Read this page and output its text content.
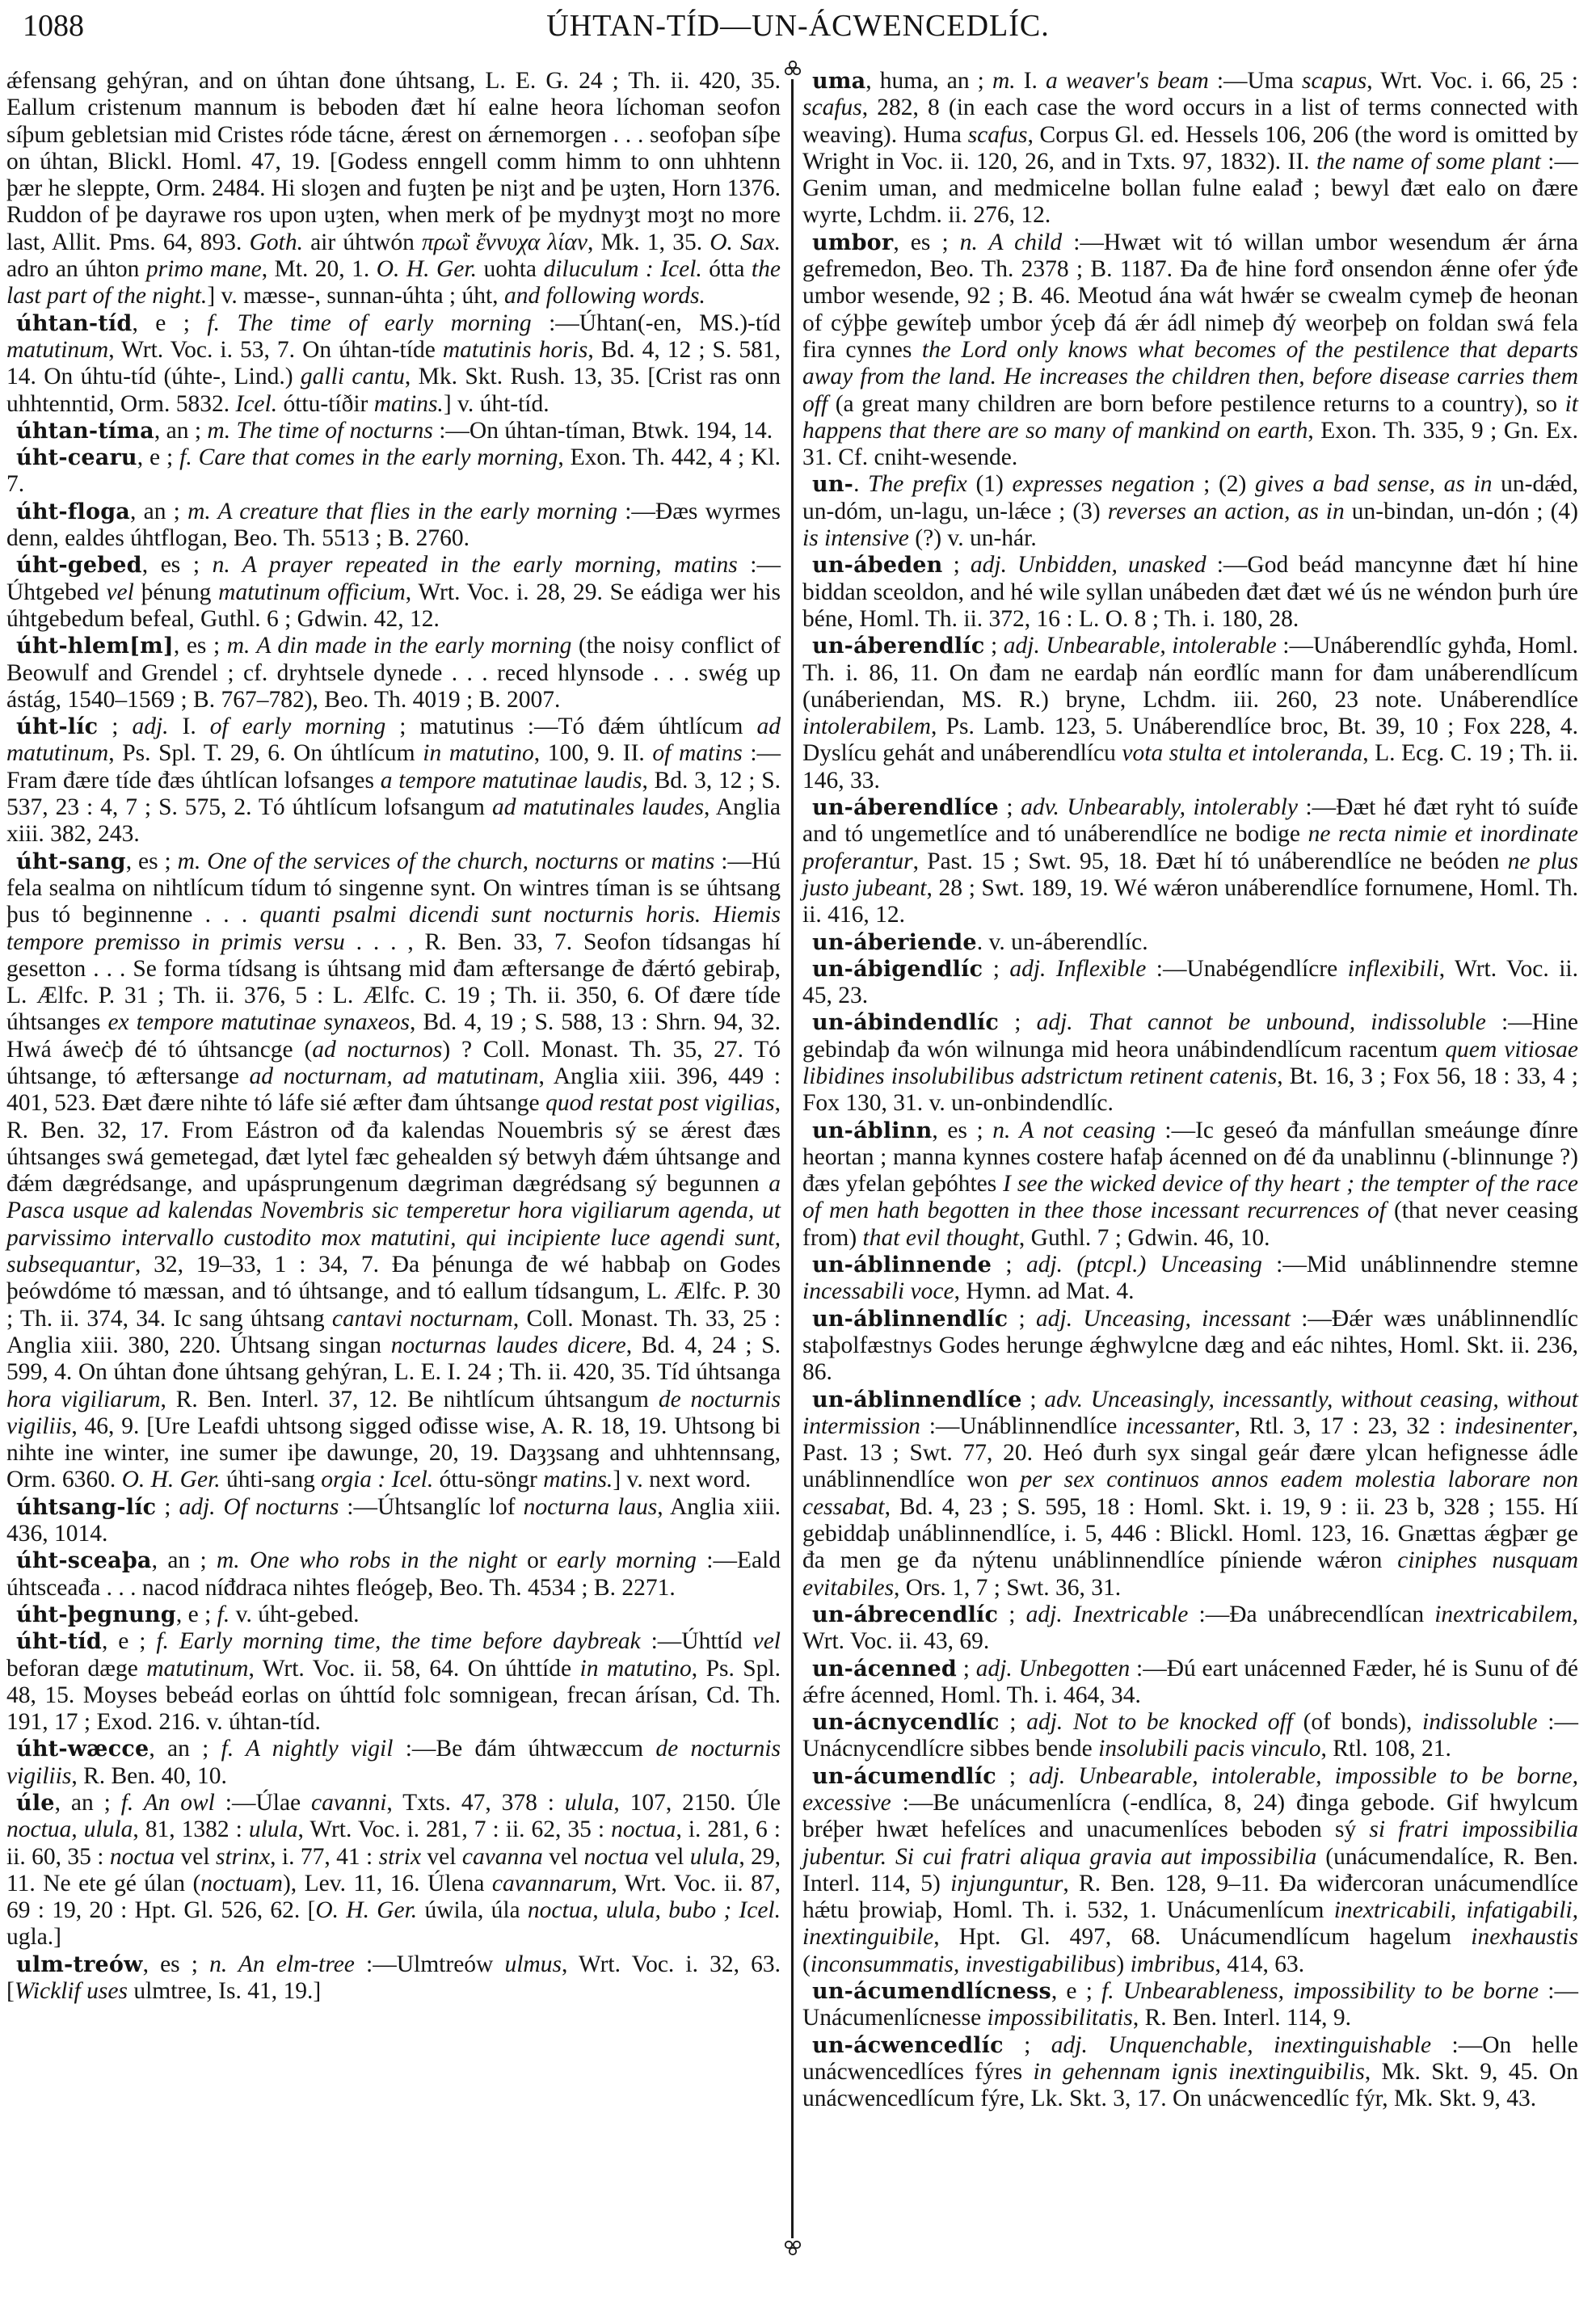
1088	ÚHTAN-TÍD—UN-ÁCWENCEDLÍC.

ǽfensang gehýran, and on úhtan đone úhtsang, L. E. G. 24 ; Th. ii. 420, 35. Eallum cristenum mannum is beboden đæt hí ealne heora líchoman seofon síþum gebletsian mid Cristes róde tácne, ǽrest on ǽrnemorgen . . . seofoþan síþe on úhtan, Blickl. Homl. 47, 19. [Godess enngell comm himm to onn uhhtenn þær he sleppte, Orm. 2484. Hi sloȝen and fuȝten þe niȝt and þe uȝten, Horn 1376. Ruddon of þe dayrawe ros upon uȝten, when merk of þe mydnyȝt moȝt no more last, Allit. Pms. 64, 893. Goth. air úhtwón πρωῒ ἔννυχα λίαν, Mk. 1, 35. O. Sax. adro an úhton primo mane, Mt. 20, 1. O. H. Ger. uohta diluculum : Icel. ótta the last part of the night.] v. mæsse-, sunnan-úhta ; úht, and following words.

úhtan-tíd, e ; f. The time of early morning :—Úhtan(-en, MS.)-tíd matutinum, Wrt. Voc. i. 53, 7. On úhtan-tíde matutinis horis, Bd. 4, 12 ; S. 581, 14. On úhtu-tíd (úhte-, Lind.) galli cantu, Mk. Skt. Rush. 13, 35. [Crist ras onn uhhtenntid, Orm. 5832. Icel. óttu-tíðir matins.] v. úht-tíd.

úhtan-tíma, an ; m. The time of nocturns :—On úhtan-tíman, Btwk. 194, 14.

úht-cearu, e ; f. Care that comes in the early morning, Exon. Th. 442, 4 ; Kl. 7.

úht-floga, an ; m. A creature that flies in the early morning :—Đæs wyrmes denn, ealdes úhtflogan, Beo. Th. 5513 ; B. 2760.

úht-gebed, es ; n. A prayer repeated in the early morning, matins :—Úhtgebed vel þénung matutinum officium, Wrt. Voc. i. 28, 29. Se eádiga wer his úhtgebedum befeal, Guthl. 6 ; Gdwin. 42, 12.

úht-hlem[m], es ; m. A din made in the early morning (the noisy conflict of Beowulf and Grendel ; cf. dryhtsele dynede . . . reced hlynsode . . . swég up ástág, 1540–1569 ; B. 767–782), Beo. Th. 4019 ; B. 2007.

úht-líc ; adj. I. of early morning ; matutinus :—Tó đǽm úhtlícum ad matutinum, Ps. Spl. T. 29, 6. On úhtlícum in matutino, 100, 9. II. of matins :—Fram đære tíde đæs úhtlícan lofsanges a tempore matutinae laudis, Bd. 3, 12 ; S. 537, 23 : 4, 7 ; S. 575, 2. Tó úhtlícum lofsangum ad matutinales laudes, Anglia xiii. 382, 243.

úht-sang, es ; m. One of the services of the church, nocturns or matins :—Hú fela sealma on nihtlícum tídum tó singenne synt. On wintres tíman is se úhtsang þus tó beginnenne . . . quanti psalmi dicendi sunt nocturnis horis. Hiemis tempore premisso in primis versu . . . , R. Ben. 33, 7. Seofon tídsangas hí gesetton . . . Se forma tídsang is úhtsang mid đam æftersange đe đǽrtó gebiraþ, L. Ælfc. P. 31 ; Th. ii. 376, 5 : L. Ælfc. C. 19 ; Th. ii. 350, 6. Of đære tíde úhtsanges ex tempore matutinae synaxeos, Bd. 4, 19 ; S. 588, 13 : Shrn. 94, 32. Hwá áweċþ đé tó úhtsancge (ad nocturnos) ? Coll. Monast. Th. 35, 27. Tó úhtsange, tó æftersange ad nocturnam, ad matutinam, Anglia xiii. 396, 449 : 401, 523. Đæt đære nihte tó láfe sié æfter đam úhtsange quod restat post vigilias, R. Ben. 32, 17. From Eástron ođ đa kalendas Nouembris sý se ǽrest đæs úhtsanges swá gemetegad, đæt lytel fæc gehealden sý betwyh đǽm úhtsange and đǽm dægrédsange, and upásprungenum dægriman dægrédsang sý begunnen a Pasca usque ad kalendas Novembris sic temperetur hora vigiliarum agenda, ut parvissimo intervallo custodito mox matutini, qui incipiente luce agendi sunt, subsequantur, 32, 19–33, 1 : 34, 7. Đa þénunga đe wé habbaþ on Godes þeówdóme tó mæssan, and tó úhtsange, and tó eallum tídsangum, L. Ælfc. P. 30 ; Th. ii. 374, 34. Ic sang úhtsang cantavi nocturnam, Coll. Monast. Th. 33, 25 : Anglia xiii. 380, 220. Úhtsang singan nocturnas laudes dicere, Bd. 4, 24 ; S. 599, 4. On úhtan đone úhtsang gehýran, L. E. I. 24 ; Th. ii. 420, 35. Tíd úhtsanga hora vigiliarum, R. Ben. Interl. 37, 12. Be nihtlícum úhtsangum de nocturnis vigiliis, 46, 9. [Ure Leafdi uhtsong sigged ođisse wise, A. R. 18, 19. Uhtsong bi nihte ine winter, ine sumer iþe dawunge, 20, 19. Daȝȝsang and uhhtennsang, Orm. 6360. O. H. Ger. úhti-sang orgia : Icel. óttu-söngr matins.] v. next word.

úhtsang-líc ; adj. Of nocturns :—Úhtsanglíc lof nocturna laus, Anglia xiii. 436, 1014.

úht-sceaþa, an ; m. One who robs in the night or early morning :—Eald úhtsceađa . . . nacod níđdraca nihtes fleógeþ, Beo. Th. 4534 ; B. 2271.

úht-þegnung, e ; f. v. úht-gebed.

úht-tíd, e ; f. Early morning time, the time before daybreak :—Úhttíd vel beforan dæge matutinum, Wrt. Voc. ii. 58, 64. On úhttíde in matutino, Ps. Spl. 48, 15. Moyses bebeád eorlas on úhttíd folc somnigean, frecan árísan, Cd. Th. 191, 17 ; Exod. 216. v. úhtan-tíd.

úht-wæcce, an ; f. A nightly vigil :—Be đám úhtwæccum de nocturnis vigiliis, R. Ben. 40, 10.

úle, an ; f. An owl :—Úlae cavanni, Txts. 47, 378 : ulula, 107, 2150. Úle noctua, ulula, 81, 1382 : ulula, Wrt. Voc. i. 281, 7 : ii. 62, 35 : noctua, i. 281, 6 : ii. 60, 35 : noctua vel strinx, i. 77, 41 : strix vel cavanna vel noctua vel ulula, 29, 11. Ne ete gé úlan (noctuam), Lev. 11, 16. Úlena cavannarum, Wrt. Voc. ii. 87, 69 : 19, 20 : Hpt. Gl. 526, 62. [O. H. Ger. úwila, úla noctua, ulula, bubo ; Icel. ugla.]

ulm-treów, es ; n. An elm-tree :—Ulmtreów ulmus, Wrt. Voc. i. 32, 63. [Wicklif uses ulmtree, Is. 41, 19.]

uma, huma, an ; m. I. a weaver's beam :—Uma scapus, Wrt. Voc. i. 66, 25 : scafus, 282, 8 (in each case the word occurs in a list of terms connected with weaving). Huma scafus, Corpus Gl. ed. Hessels 106, 206 (the word is omitted by Wright in Voc. ii. 120, 26, and in Txts. 97, 1832). II. the name of some plant :—Genim uman, and medmicelne bollan fulne ealađ ; bewyl đæt ealo on đære wyrte, Lchdm. ii. 276, 12.

umbor, es ; n. A child :—Hwæt wit tó willan umbor wesendum ǽr árna gefremedon, Beo. Th. 2378 ; B. 1187. Đa đe hine forđ onsendon ǽnne ofer ýđe umbor wesende, 92 ; B. 46. Meotud ána wát hwǽr se cwealm cymeþ đe heonan of cýþþe gewíteþ umbor ýceþ đá ǽr ádl nimeþ đý weorþeþ on foldan swá fela fira cynnes the Lord only knows what becomes of the pestilence that departs away from the land. He increases the children then, before disease carries them off (a great many children are born before pestilence returns to a country), so it happens that there are so many of mankind on earth, Exon. Th. 335, 9 ; Gn. Ex. 31. Cf. cniht-wesende.

un-. The prefix (1) expresses negation ; (2) gives a bad sense, as in un-dǽd, un-dóm, un-lagu, un-lǽce ; (3) reverses an action, as in un-bindan, un-dón ; (4) is intensive (?) v. un-hár.

un-ábeden ; adj. Unbidden, unasked :—God beád mancynne đæt hí hine biddan sceoldon, and hé wile syllan unábeden đæt đæt wé ús ne wéndon þurh úre béne, Homl. Th. ii. 372, 16 : L. O. 8 ; Th. i. 180, 28.

un-áberendlíc ; adj. Unbearable, intolerable :—Unáberendlíc gyhđa, Homl. Th. i. 86, 11. On đam ne eardaþ nán eorđlíc mann for đam unáberendlícum (unáberiendan, MS. R.) bryne, Lchdm. iii. 260, 23 note. Unáberendlíce intolerabilem, Ps. Lamb. 123, 5. Unáberendlíce broc, Bt. 39, 10 ; Fox 228, 4. Dyslícu gehát and unáberendlícu vota stulta et intoleranda, L. Ecg. C. 19 ; Th. ii. 146, 33.

un-áberendlíce ; adv. Unbearably, intolerably :—Đæt hé đæt ryht tó suíđe and tó ungemetlíce and tó unáberendlíce ne bodige ne recta nimie et inordinate proferantur, Past. 15 ; Swt. 95, 18. Đæt hí tó unáberendlíce ne beóden ne plus justo jubeant, 28 ; Swt. 189, 19. Wé wǽron unáberendlíce fornumene, Homl. Th. ii. 416, 12.

un-áberiende. v. un-áberendlíc.

un-ábigendlíc ; adj. Inflexible :—Unabégendlícre inflexibili, Wrt. Voc. ii. 45, 23.

un-ábindendlíc ; adj. That cannot be unbound, indissoluble :—Hine gebindaþ đa wón wilnunga mid heora unábindendlícum racentum quem vitiosae libidines insolubilibus adstrictum retinent catenis, Bt. 16, 3 ; Fox 56, 18 : 33, 4 ; Fox 130, 31. v. un-onbindendlíc.

un-áblinn, es ; n. A not ceasing :—Ic geseó đa mánfullan smeáunge đínre heortan ; manna kynnes costere hafaþ ácenned on đé đa unablinnu (-blinnunge ?) đæs yfelan geþóhtes I see the wicked device of thy heart ; the tempter of the race of men hath begotten in thee those incessant recurrences of (that never ceasing from) that evil thought, Guthl. 7 ; Gdwin. 46, 10.

un-áblinnende ; adj. (ptcpl.) Unceasing :—Mid unáblinnendre stemne incessabili voce, Hymn. ad Mat. 4.

un-áblinnendlíc ; adj. Unceasing, incessant :—Đǽr wæs unáblinnendlíc staþolfæstnys Godes herunge ǽghwylcne dæg and eác nihtes, Homl. Skt. ii. 236, 86.

un-áblinnendlíce ; adv. Unceasingly, incessantly, without ceasing, without intermission :—Unáblinnendlíce incessanter, Rtl. 3, 17 : 23, 32 : indesinenter, Past. 13 ; Swt. 77, 20. Heó đurh syx singal geár đære ylcan hefignesse ádle unáblinnendlíce won per sex continuos annos eadem molestia laborare non cessabat, Bd. 4, 23 ; S. 595, 18 : Homl. Skt. i. 19, 9 : ii. 23 b, 328 ; 155. Hí gebiddaþ unáblinnendlíce, i. 5, 446 : Blickl. Homl. 123, 16. Gnættas ǽgþær ge đa men ge đa nýtenu unáblinnendlíce píniende wǽron ciniphes nusquam evitabiles, Ors. 1, 7 ; Swt. 36, 31.

un-ábrecendlíc ; adj. Inextricable :—Đa unábrecendlícan inextricabilem, Wrt. Voc. ii. 43, 69.

un-ácenned ; adj. Unbegotten :—Đú eart unácenned Fæder, hé is Sunu of đé ǽfre ácenned, Homl. Th. i. 464, 34.

un-ácnycendlíc ; adj. Not to be knocked off (of bonds), indissoluble :—Unácnycendlícre sibbes bende insolubili pacis vinculo, Rtl. 108, 21.

un-ácumendlíc ; adj. Unbearable, intolerable, impossible to be borne, excessive :—Be unácumenlícra (-endlíca, 8, 24) đinga gebode. Gif hwylcum bréþer hwæt hefelíces and unacumenlíces beboden sý si fratri impossibilia jubentur. Si cui fratri aliqua gravia aut impossibilia (unácumendalíce, R. Ben. Interl. 114, 5) injunguntur, R. Ben. 128, 9–11. Đa wiđercoran unácumendlíce hǽtu þrowiaþ, Homl. Th. i. 532, 1. Unácumenlícum inextricabili, infatigabili, inextinguibile, Hpt. Gl. 497, 68. Unácumendlícum hagelum inexhaustis (inconsummatis, investigabilibus) imbribus, 414, 63.

un-ácumendlícness, e ; f. Unbearableness, impossibility to be borne :—Unácumenlícnesse impossibilitatis, R. Ben. Interl. 114, 9.

un-ácwencedlíc ; adj. Unquenchable, inextinguishable :—On helle unácwencedlíces fýres in gehennam ignis inextinguibilis, Mk. Skt. 9, 45. On unácwencedlícum fýre, Lk. Skt. 3, 17. On unácwencedlíc fýr, Mk. Skt. 9, 43.
